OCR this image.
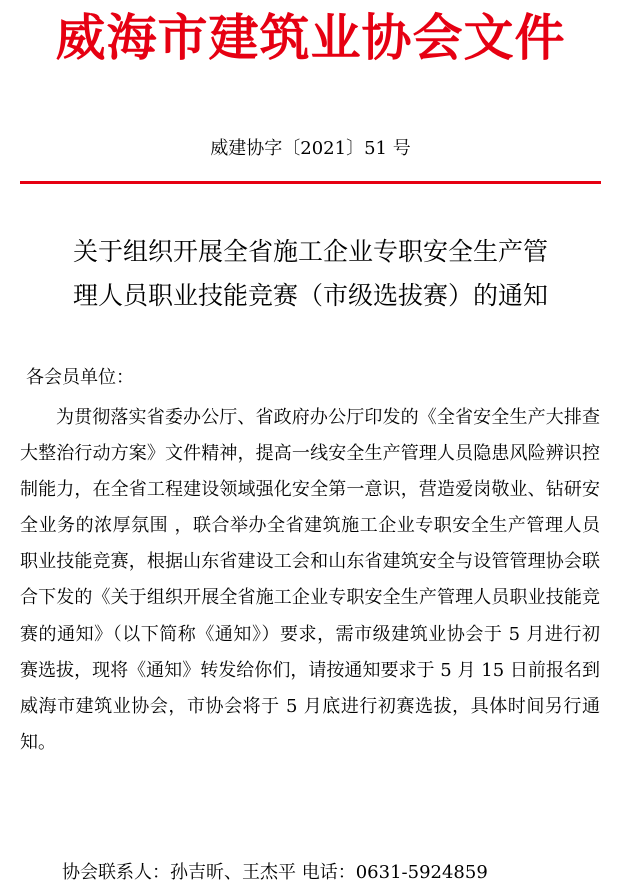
威海市建筑业协会文件
威建协字〔2021〕51 号
关于组织开展全省施工企业专职安全生产管
理人员职业技能竞赛（市级选拔赛）的通知
各会员单位：

为贯彻落实省委办公厅、省政府办公厅印发的《全省安全生产大排查大整治行动方案》文件精神，提高一线安全生产管理人员隐患风险辨识控制能力，在全省工程建设领域强化安全第一意识，营造爱岗敬业、钻研安全业务的浓厚氛围 ，联合举办全省建筑施工企业专职安全生产管理人员职业技能竞赛，根据山东省建设工会和山东省建筑安全与设管管理协会联合下发的《关于组织开展全省施工企业专职安全生产管理人员职业技能竞赛的通知》（以下简称《通知》）要求，需市级建筑业协会于 5 月进行初赛选拔，现将《通知》转发给你们，请按通知要求于 5 月 15 日前报名到威海市建筑业协会，市协会将于 5 月底进行初赛选拔，具体时间另行通知。

协会联系人：孙吉昕、王杰平 电话：0631-5924859
